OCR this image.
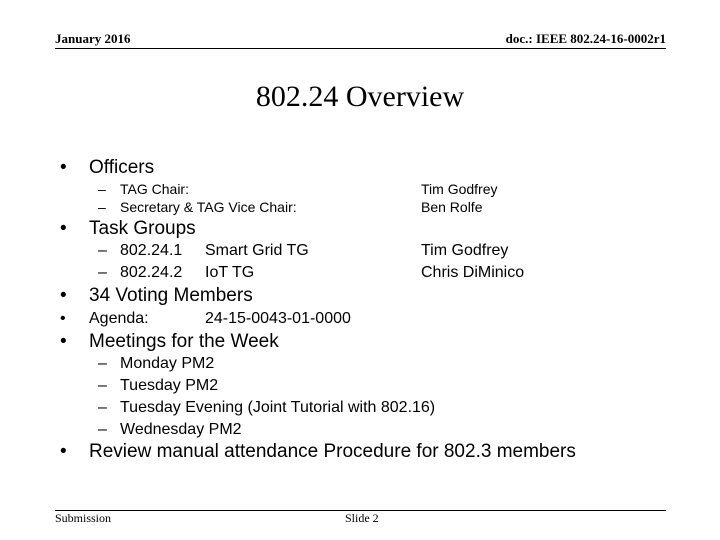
January 2016	doc.: IEEE 802.24-16-0002r1
802.24 Overview
• Officers
– TAG Chair:	Tim Godfrey
– Secretary & TAG Vice Chair:	Ben Rolfe
• Task Groups
– 802.24.1 Smart Grid TG	Tim Godfrey
– 802.24.2 IoT TG	Chris DiMinico
• 34 Voting Members
• Agenda:	24-15-0043-01-0000
• Meetings for the Week
– Monday PM2
– Tuesday PM2
– Tuesday Evening (Joint Tutorial with 802.16)
– Wednesday PM2
• Review manual attendance Procedure for 802.3 members
Submission	Slide 2
